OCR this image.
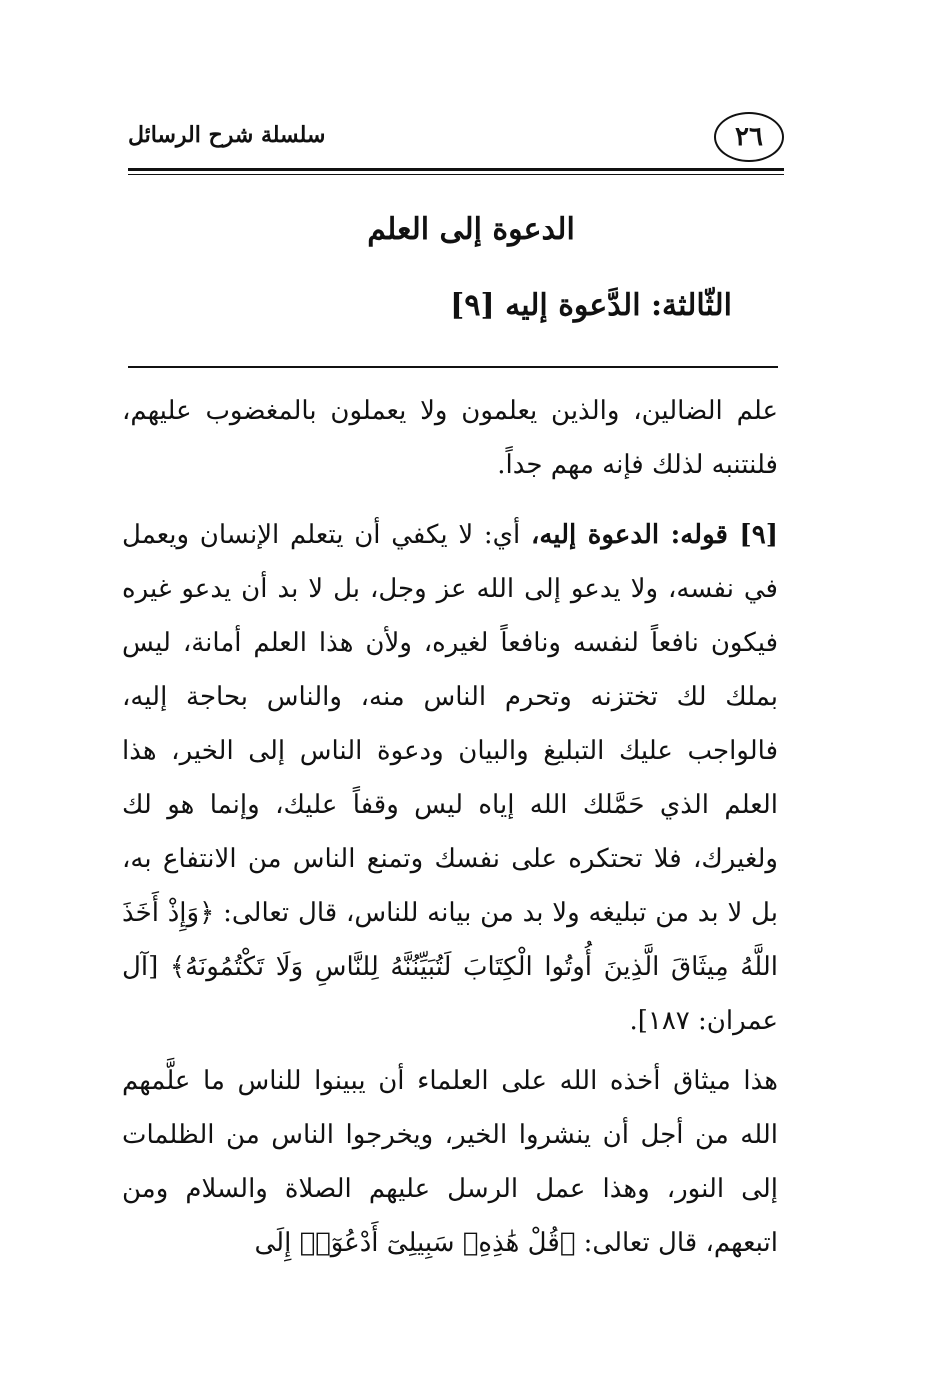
٢٦
سلسلة شرح الرسائل
الدعوة إلى العلم
الثّالثة: الدَّعوة إليه [٩]

علم الضالين، والذين يعلمون ولا يعملون بالمغضوب عليهم، فلنتنبه لذلك فإنه مهم جداً.

[٩] قوله: الدعوة إليه، أي: لا يكفي أن يتعلم الإنسان ويعمل في نفسه، ولا يدعو إلى الله عز وجل، بل لا بد أن يدعو غيره فيكون نافعاً لنفسه ونافعاً لغيره، ولأن هذا العلم أمانة، ليس بملك لك تختزنه وتحرم الناس منه، والناس بحاجة إليه، فالواجب عليك التبليغ والبيان ودعوة الناس إلى الخير، هذا العلم الذي حَمَّلك الله إياه ليس وقفاً عليك، وإنما هو لك ولغيرك، فلا تحتكره على نفسك وتمنع الناس من الانتفاع به، بل لا بد من تبليغه ولا بد من بيانه للناس، قال تعالى: ﴿وَإِذْ أَخَذَ اللَّهُ مِيثَاقَ الَّذِينَ أُوتُوا الْكِتَابَ لَتُبَيِّنُنَّهُ لِلنَّاسِ وَلَا تَكْتُمُونَهُ﴾ [آل عمران: ١٨٧].

هذا ميثاق أخذه الله على العلماء أن يبينوا للناس ما علَّمهم الله من أجل أن ينشروا الخير، ويخرجوا الناس من الظلمات إلى النور، وهذا عمل الرسل عليهم الصلاة والسلام ومن اتبعهم، قال تعالى: ﴿قُلْ هَٰذِهِۦ سَبِيلِىٓ أَدْعُوٓا۟ إِلَى
